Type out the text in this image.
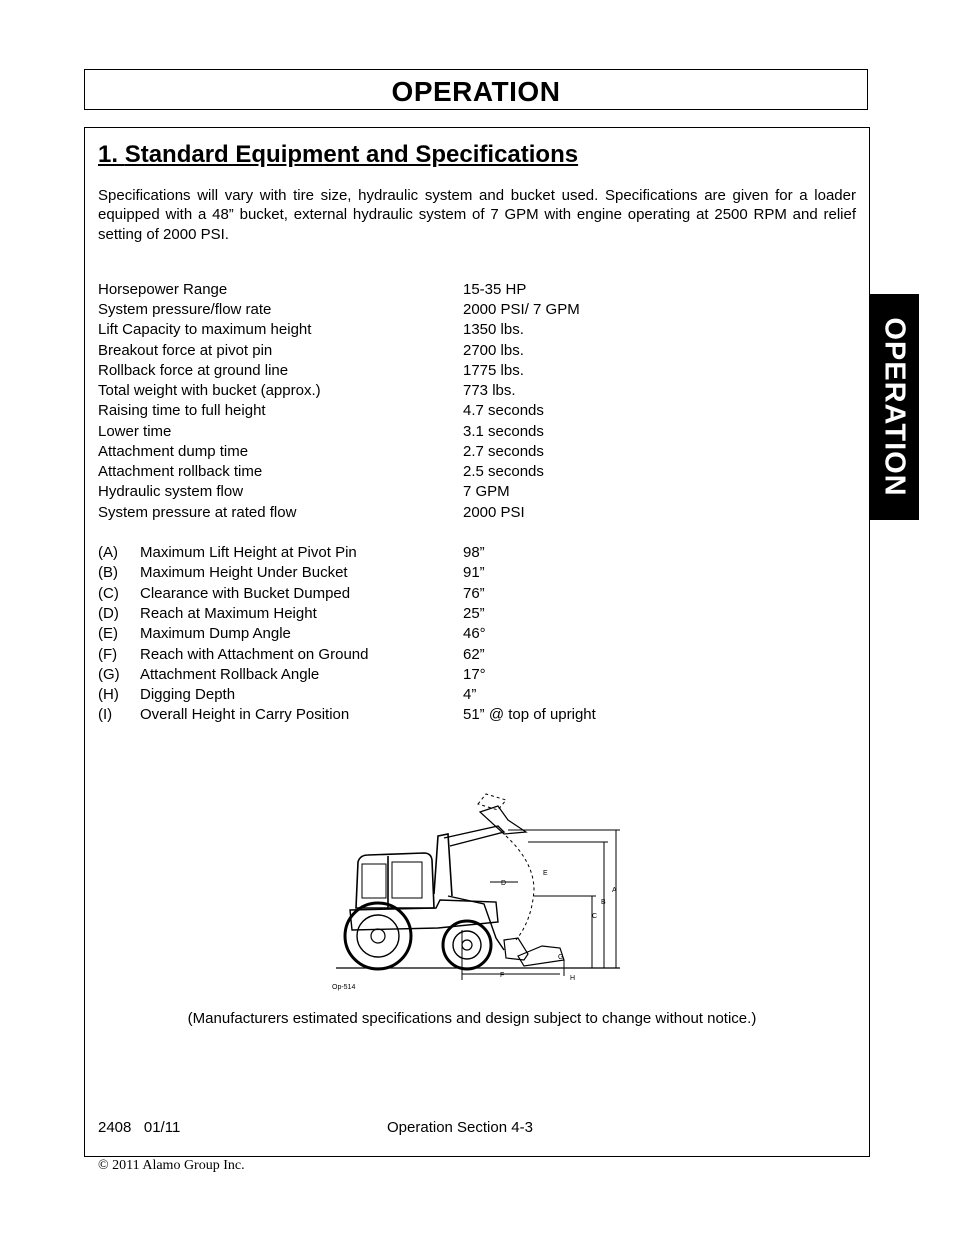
OPERATION
OPERATION
1. Standard Equipment and Specifications
Specifications will vary with tire size, hydraulic system and bucket used. Specifications are given for a loader equipped with a 48” bucket, external hydraulic system of 7 GPM with engine operating at 2500 RPM and relief setting of 2000 PSI.
Horsepower Range	15-35 HP
System pressure/flow rate	2000 PSI/ 7 GPM
Lift Capacity to maximum height	1350 lbs.
Breakout force at pivot pin	2700 lbs.
Rollback force at ground line	1775 lbs.
Total weight with bucket (approx.)	773 lbs.
Raising time to full height	4.7 seconds
Lower time	3.1 seconds
Attachment dump time	2.7 seconds
Attachment rollback time	2.5 seconds
Hydraulic system flow	7 GPM
System pressure at rated flow	2000 PSI
(A) Maximum Lift Height at Pivot Pin	98”
(B) Maximum Height Under Bucket	91”
(C) Clearance with Bucket Dumped	76”
(D) Reach at Maximum Height	25”
(E) Maximum Dump Angle	46°
(F) Reach with Attachment on Ground	62”
(G) Attachment Rollback Angle	17°
(H) Digging Depth	4”
(I) Overall Height in Carry Position	51” @ top of upright
A
B
C
D
E
F
G
H
Op-514
(Manufacturers estimated specifications and design subject to change without notice.)
2408   01/11	Operation Section 4-3
© 2011 Alamo Group Inc.
